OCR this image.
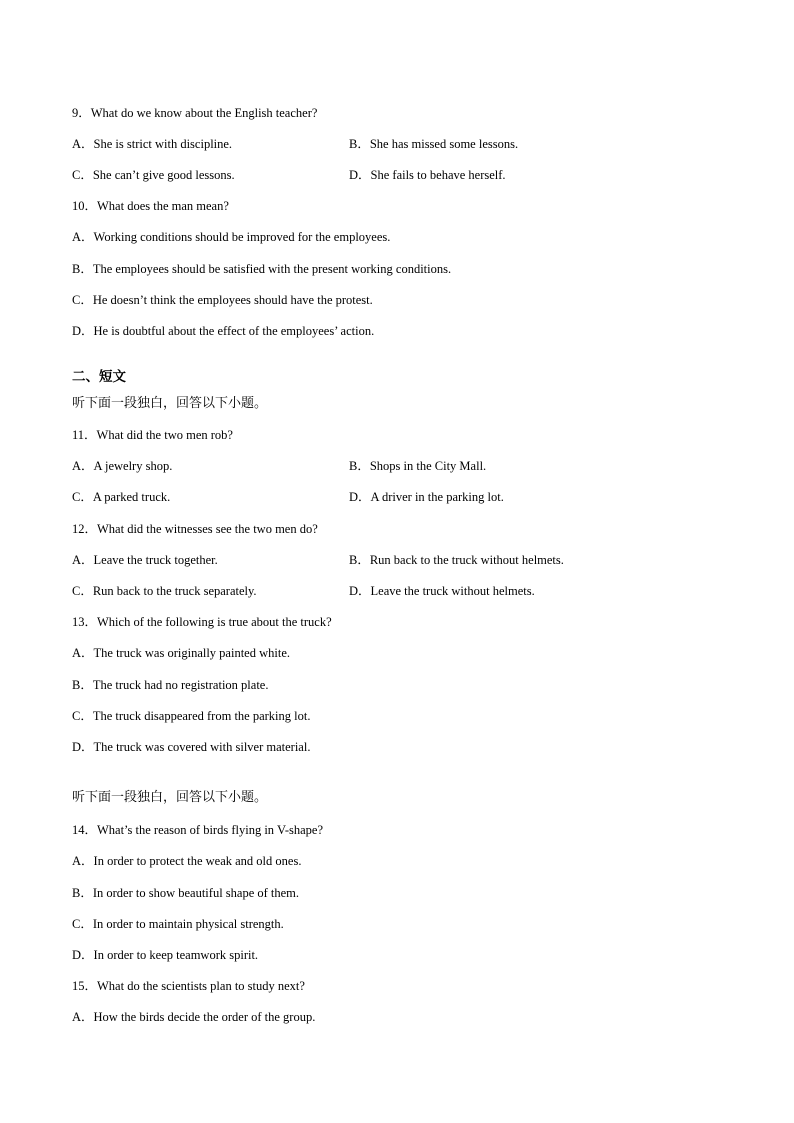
9．What do we know about the English teacher?
A．She is strict with discipline.	B．She has missed some lessons.
C．She can’t give good lessons.	D．She fails to behave herself.
10．What does the man mean?
A．Working conditions should be improved for the employees.
B．The employees should be satisfied with the present working conditions.
C．He doesn’t think the employees should have the protest.
D．He is doubtful about the effect of the employees’ action.
二、短文
听下面一段独白，回答以下小题。
11．What did the two men rob?
A．A jewelry shop.	B．Shops in the City Mall.
C．A parked truck.	D．A driver in the parking lot.
12．What did the witnesses see the two men do?
A．Leave the truck together.	B．Run back to the truck without helmets.
C．Run back to the truck separately.	D．Leave the truck without helmets.
13．Which of the following is true about the truck?
A．The truck was originally painted white.
B．The truck had no registration plate.
C．The truck disappeared from the parking lot.
D．The truck was covered with silver material.
听下面一段独白，回答以下小题。
14．What’s the reason of birds flying in V-shape?
A．In order to protect the weak and old ones.
B．In order to show beautiful shape of them.
C．In order to maintain physical strength.
D．In order to keep teamwork spirit.
15．What do the scientists plan to study next?
A．How the birds decide the order of the group.
